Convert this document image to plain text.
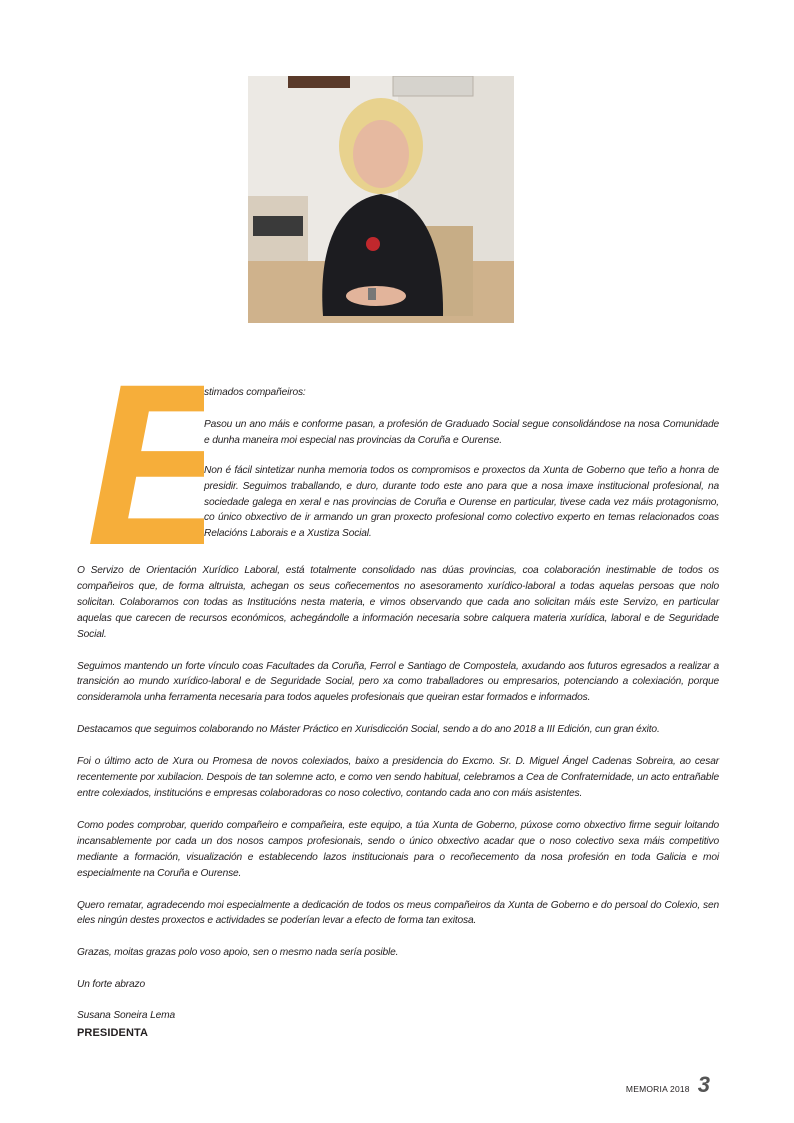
stimados compañeiros:

Pasou un ano máis e conforme pasan, a profesión de Graduado Social segue consolidándose na nosa Comunidade e dunha maneira moi especial nas provincias da Coruña e Ourense.

Non é fácil sintetizar nunha memoria todos os compromisos e proxectos da Xunta de Goberno que teño a honra de presidir. Seguimos traballando, e duro, durante todo este ano para que a nosa imaxe institucional profesional, na sociedade galega en xeral e nas provincias de Coruña e Ourense en particular, tivese cada vez máis protagonismo, co único obxectivo de ir armando un gran proxecto profesional como colectivo experto en temas relacionados coas Relacións Laborais e a Xustiza Social.

O Servizo de Orientación Xurídico Laboral, está totalmente consolidado nas dúas provincias, coa colaboración inestimable de todos os compañeiros que, de forma altruista, achegan os seus coñecementos no asesoramento xurídico-laboral a todas aquelas persoas que nolo solicitan. Colaboramos con todas as Institucións nesta materia, e vimos observando que cada ano solicitan máis este Servizo, en particular aquelas que carecen de recursos económicos, achegándolle a información necesaria sobre calquera materia xurídica, laboral e de Seguridade Social.

Seguimos mantendo un forte vínculo coas Facultades da Coruña, Ferrol e Santiago de Compostela, axudando aos futuros egresados a realizar a transición ao mundo xurídico-laboral e de Seguridade Social, pero xa como traballadores ou empresarios, potenciando a colexiación, porque consideramola unha ferramenta necesaria para todos aqueles profesionais que queiran estar formados e informados.

Destacamos que seguimos colaborando no Máster Práctico en Xurisdicción Social, sendo a do ano 2018 a III Edición, cun gran éxito.

Foi o último acto de Xura ou Promesa de novos colexiados, baixo a presidencia do Excmo. Sr. D. Miguel Ángel Cadenas Sobreira, ao cesar recentemente por xubilacion. Despois de tan solemne acto, e como ven sendo habitual, celebramos a Cea de Confraternidade, un acto entrañable entre colexiados, institucións e empresas colaboradoras co noso colectivo, contando cada ano con máis asistentes.

Como podes comprobar, querido compañeiro e compañeira, este equipo, a túa Xunta de Goberno, púxose como obxectivo firme seguir loitando incansablemente por cada un dos nosos campos profesionais, sendo o único obxectivo acadar que o noso colectivo sexa máis competitivo mediante a formación, visualización e establecendo lazos institucionais para o recoñecemento da nosa profesión en toda Galicia e moi especialmente na Coruña e Ourense.

Quero rematar, agradecendo moi especialmente a dedicación de todos os meus compañeiros da Xunta de Goberno e do persoal do Colexio, sen eles ningún destes proxectos e actividades se poderían levar a efecto de forma tan exitosa.

Grazas, moitas grazas polo voso apoio, sen o mesmo nada sería posible.

Un forte abrazo

Susana Soneira Lema

PRESIDENTA
MEMORIA 2018 3
